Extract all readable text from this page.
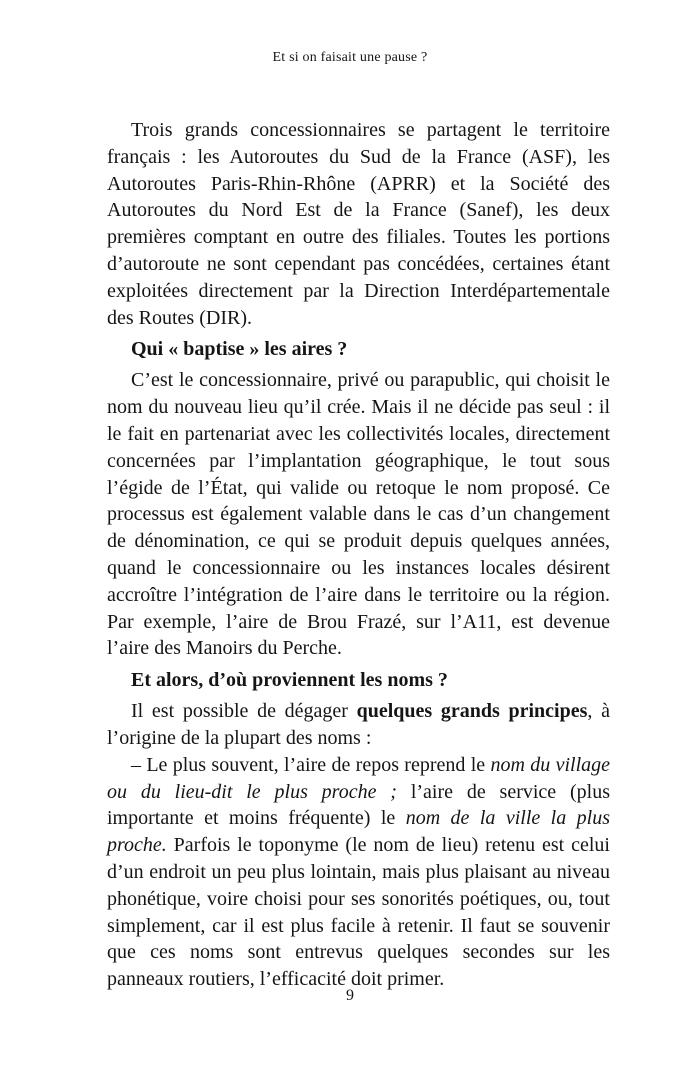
Et si on faisait une pause ?

Trois grands concessionnaires se partagent le territoire français : les Autoroutes du Sud de la France (ASF), les Autoroutes Paris-Rhin-Rhône (APRR) et la Société des Autoroutes du Nord Est de la France (Sanef), les deux premières comptant en outre des filiales. Toutes les portions d’autoroute ne sont cependant pas concédées, certaines étant exploitées directement par la Direction Interdépartementale des Routes (DIR).

Qui « baptise » les aires ?

C’est le concessionnaire, privé ou parapublic, qui choisit le nom du nouveau lieu qu’il crée. Mais il ne décide pas seul : il le fait en partenariat avec les collectivités locales, directement concernées par l’implantation géographique, le tout sous l’égide de l’État, qui valide ou retoque le nom proposé. Ce processus est également valable dans le cas d’un changement de dénomination, ce qui se produit depuis quelques années, quand le concessionnaire ou les instances locales désirent accroître l’intégration de l’aire dans le territoire ou la région. Par exemple, l’aire de Brou Frazé, sur l’A11, est devenue l’aire des Manoirs du Perche.

Et alors, d’où proviennent les noms ?

Il est possible de dégager quelques grands principes, à l’origine de la plupart des noms :

– Le plus souvent, l’aire de repos reprend le nom du village ou du lieu-dit le plus proche ; l’aire de service (plus importante et moins fréquente) le nom de la ville la plus proche. Parfois le toponyme (le nom de lieu) retenu est celui d’un endroit un peu plus lointain, mais plus plaisant au niveau phonétique, voire choisi pour ses sonorités poétiques, ou, tout simplement, car il est plus facile à retenir. Il faut se souvenir que ces noms sont entrevus quelques secondes sur les panneaux routiers, l’efficacité doit primer.

9
